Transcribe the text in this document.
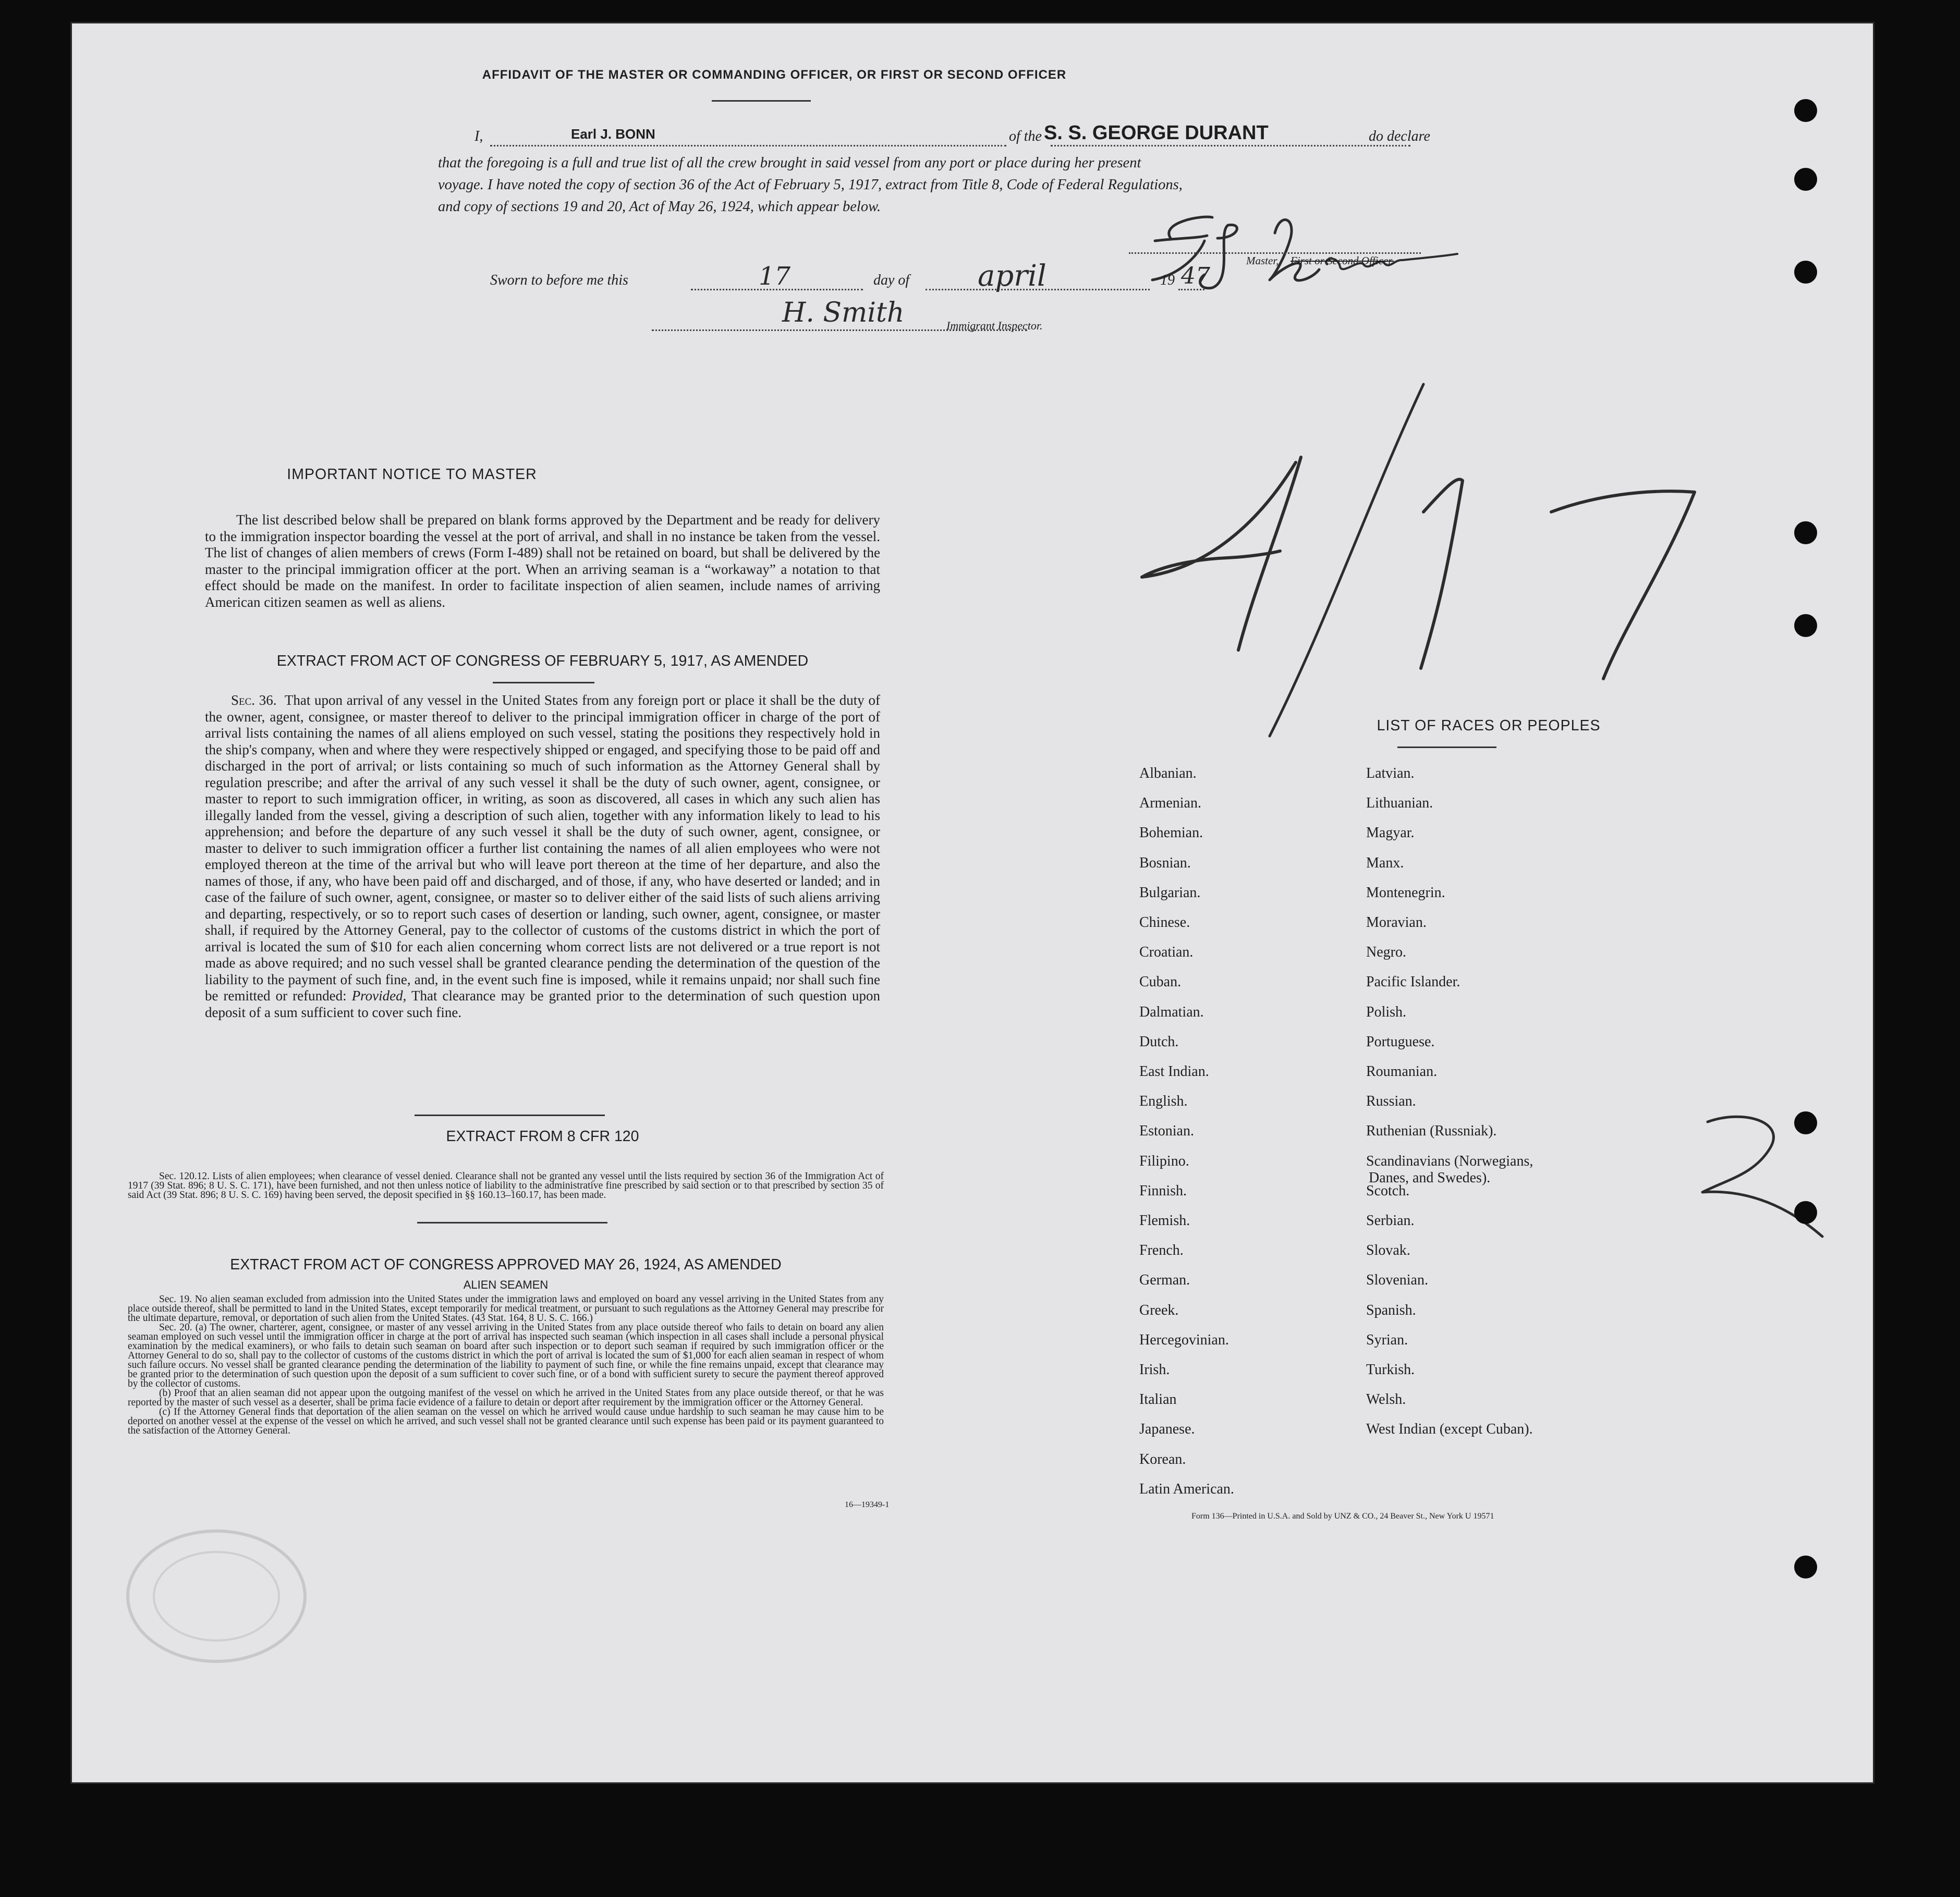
AFFIDAVIT OF THE MASTER OR COMMANDING OFFICER, OR FIRST OR SECOND OFFICER
I,	Earl J. BONN	of the S. S. GEORGE DURANT	do declare
that the foregoing is a full and true list of all the crew brought in said vessel from any port or place during her present
voyage. I have noted the copy of section 36 of the Act of February 5, 1917, extract from Title 8, Code of Federal Regulations,
and copy of sections 19 and 20, Act of May 26, 1924, which appear below.
Master, First or Second Officer.
Sworn to before me this	17	day of april	19 47
H. Smith	Immigrant Inspector.
IMPORTANT NOTICE TO MASTER
The list described below shall be prepared on blank forms approved by the Department and be ready for delivery to the immigration inspector boarding the vessel at the port of arrival, and shall in no instance be taken from the vessel. The list of changes of alien members of crews (Form I-489) shall not be retained on board, but shall be delivered by the master to the principal immigration officer at the port. When an arriving seaman is a “workaway” a notation to that effect should be made on the manifest. In order to facilitate inspection of alien seamen, include names of arriving American citizen seamen as well as aliens.
EXTRACT FROM ACT OF CONGRESS OF FEBRUARY 5, 1917, AS AMENDED
Sec. 36. That upon arrival of any vessel in the United States from any foreign port or place it shall be the duty of the owner, agent, consignee, or master thereof to deliver to the principal immigration officer in charge of the port of arrival lists containing the names of all aliens employed on such vessel, stating the positions they respectively hold in the ship's company, when and where they were respectively shipped or engaged, and specifying those to be paid off and discharged in the port of arrival; or lists containing so much of such information as the Attorney General shall by regulation prescribe; and after the arrival of any such vessel it shall be the duty of such owner, agent, consignee, or master to report to such immigration officer, in writing, as soon as discovered, all cases in which any such alien has illegally landed from the vessel, giving a description of such alien, together with any information likely to lead to his apprehension; and before the departure of any such vessel it shall be the duty of such owner, agent, consignee, or master to deliver to such immigration officer a further list containing the names of all alien employees who were not employed thereon at the time of the arrival but who will leave port thereon at the time of her departure, and also the names of those, if any, who have been paid off and discharged, and of those, if any, who have deserted or landed; and in case of the failure of such owner, agent, consignee, or master so to deliver either of the said lists of such aliens arriving and departing, respectively, or so to report such cases of desertion or landing, such owner, agent, consignee, or master shall, if required by the Attorney General, pay to the collector of customs of the customs district in which the port of arrival is located the sum of $10 for each alien concerning whom correct lists are not delivered or a true report is not made as above required; and no such vessel shall be granted clearance pending the determination of the question of the liability to the payment of such fine, and, in the event such fine is imposed, while it remains unpaid; nor shall such fine be remitted or refunded: Provided, That clearance may be granted prior to the determination of such question upon deposit of a sum sufficient to cover such fine.
EXTRACT FROM 8 CFR 120
Sec. 120.12. Lists of alien employees; when clearance of vessel denied. Clearance shall not be granted any vessel until the lists required by section 36 of the Immigration Act of 1917 (39 Stat. 896; 8 U. S. C. 171), have been furnished, and not then unless notice of liability to the administrative fine prescribed by said section or to that prescribed by section 35 of said Act (39 Stat. 896; 8 U. S. C. 169) having been served, the deposit specified in §§ 160.13–160.17, has been made.
EXTRACT FROM ACT OF CONGRESS APPROVED MAY 26, 1924, AS AMENDED
ALIEN SEAMEN
Sec. 19. No alien seaman excluded from admission into the United States under the immigration laws and employed on board any vessel arriving in the United States from any place outside thereof, shall be permitted to land in the United States, except temporarily for medical treatment, or pursuant to such regulations as the Attorney General may prescribe for the ultimate departure, removal, or deportation of such alien from the United States. (43 Stat. 164, 8 U. S. C. 166.)
Sec. 20. (a) The owner, charterer, agent, consignee, or master of any vessel arriving in the United States from any place outside thereof who fails to detain on board any alien seaman employed on such vessel until the immigration officer in charge at the port of arrival has inspected such seaman (which inspection in all cases shall include a personal physical examination by the medical examiners), or who fails to detain such seaman on board after such inspection or to deport such seaman if required by such immigration officer or the Attorney General to do so, shall pay to the collector of customs of the customs district in which the port of arrival is located the sum of $1,000 for each alien seaman in respect of whom such failure occurs. No vessel shall be granted clearance pending the determination of the liability to payment of such fine, or while the fine remains unpaid, except that clearance may be granted prior to the determination of such question upon the deposit of a sum sufficient to cover such fine, or of a bond with sufficient surety to secure the payment thereof approved by the collector of customs.
(b) Proof that an alien seaman did not appear upon the outgoing manifest of the vessel on which he arrived in the United States from any place outside thereof, or that he was reported by the master of such vessel as a deserter, shall be prima facie evidence of a failure to detain or deport after requirement by the immigration officer or the Attorney General.
(c) If the Attorney General finds that deportation of the alien seaman on the vessel on which he arrived would cause undue hardship to such seaman he may cause him to be deported on another vessel at the expense of the vessel on which he arrived, and such vessel shall not be granted clearance until such expense has been paid or its payment guaranteed to the satisfaction of the Attorney General.
16—19349-1
LIST OF RACES OR PEOPLES
Albanian.
Armenian.
Bohemian.
Bosnian.
Bulgarian.
Chinese.
Croatian.
Cuban.
Dalmatian.
Dutch.
East Indian.
English.
Estonian.
Filipino.
Finnish.
Flemish.
French.
German.
Greek.
Hercegovinian.
Irish.
Italian
Japanese.
Korean.
Latin American.
Latvian.
Lithuanian.
Magyar.
Manx.
Montenegrin.
Moravian.
Negro.
Pacific Islander.
Polish.
Portuguese.
Roumanian.
Russian.
Ruthenian (Russniak).
Scandinavians (Norwegians,
Danes, and Swedes).
Scotch.
Serbian.
Slovak.
Slovenian.
Spanish.
Syrian.
Turkish.
Welsh.
West Indian (except Cuban).
Form 136—Printed in U.S.A. and Sold by UNZ & CO., 24 Beaver St., New York U 19571
